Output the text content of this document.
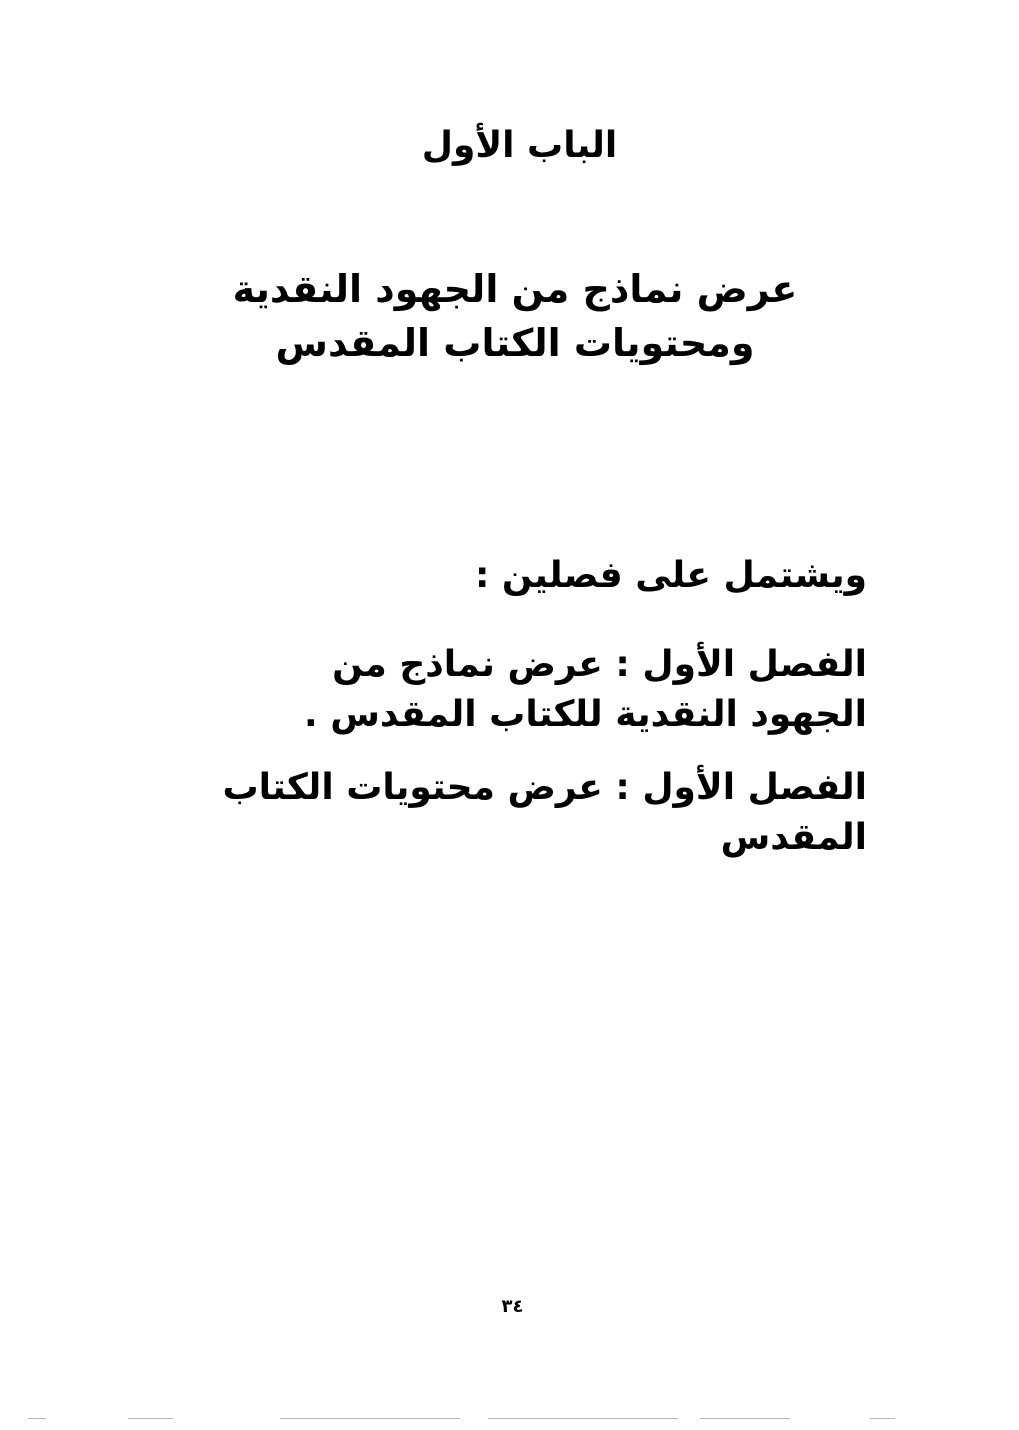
الباب الأول
عرض نماذج من الجهود النقدية ومحتويات الكتاب المقدس
ويشتمل على فصلين :
الفصل الأول : عرض نماذج من الجهود النقدية للكتاب المقدس .
الفصل الأول : عرض محتويات الكتاب المقدس
٣٤
